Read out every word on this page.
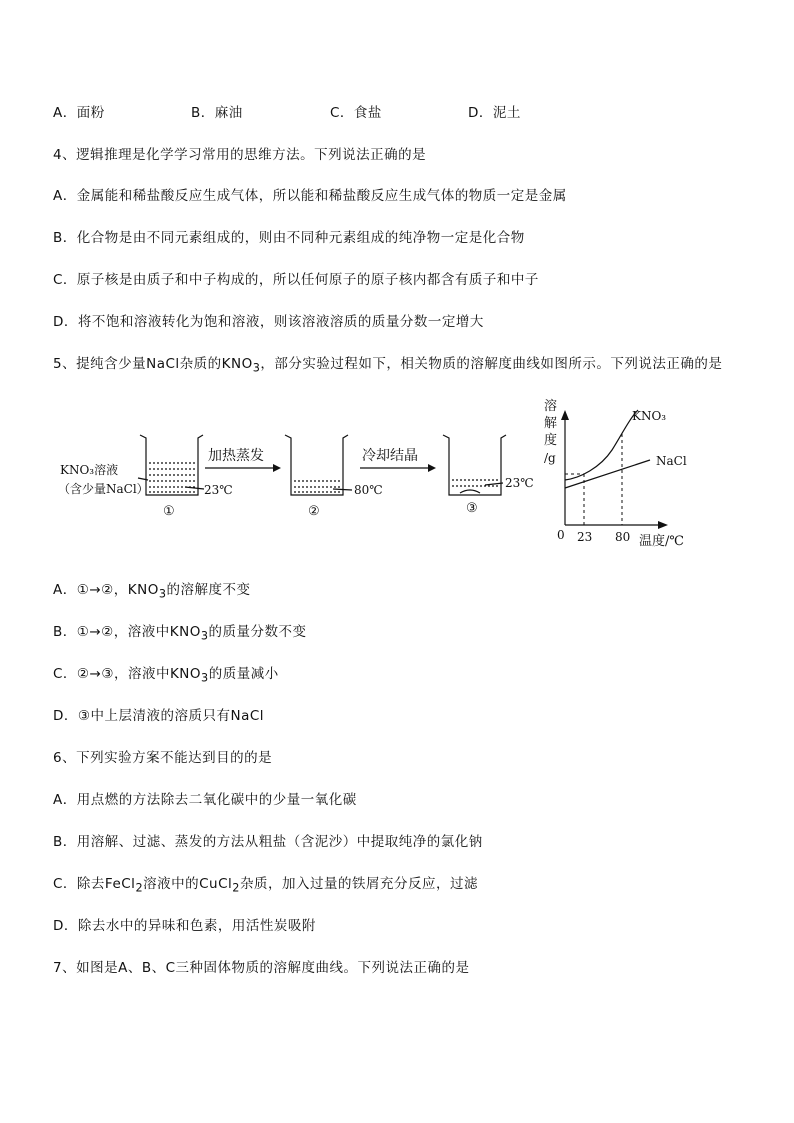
A．面粉	B．麻油	C．食盐	D．泥土
4、逻辑推理是化学学习常用的思维方法。下列说法正确的是
A．金属能和稀盐酸反应生成气体，所以能和稀盐酸反应生成气体的物质一定是金属
B．化合物是由不同元素组成的，则由不同种元素组成的纯净物一定是化合物
C．原子核是由质子和中子构成的，所以任何原子的原子核内都含有质子和中子
D．将不饱和溶液转化为饱和溶液，则该溶液溶质的质量分数一定增大
5、提纯含少量NaCl杂质的$KNO_3$，部分实验过程如下，相关物质的溶解度曲线如图所示。下列说法正确的是
KNO₃溶液
（含少量NaCl）	23℃
①
加热蒸发
80℃
②
冷却结晶
23℃
③
溶
解
度
/g
KNO₃
NaCl
0 23 80 温度/℃
A．①→②，$KNO_3$的溶解度不变
B．①→②，溶液中$KNO_3$的质量分数不变
C．②→③，溶液中$KNO_3$的质量减小
D．③中上层清液的溶质只有NaCl
6、下列实验方案不能达到目的的是
A．用点燃的方法除去二氧化碳中的少量一氧化碳
B．用溶解、过滤、蒸发的方法从粗盐（含泥沙）中提取纯净的氯化钠
C．除去FeCl$_2$溶液中的CuCl$_2$杂质，加入过量的铁屑充分反应，过滤
D．除去水中的异味和色素，用活性炭吸附
7、如图是A、B、C三种固体物质的溶解度曲线。下列说法正确的是
